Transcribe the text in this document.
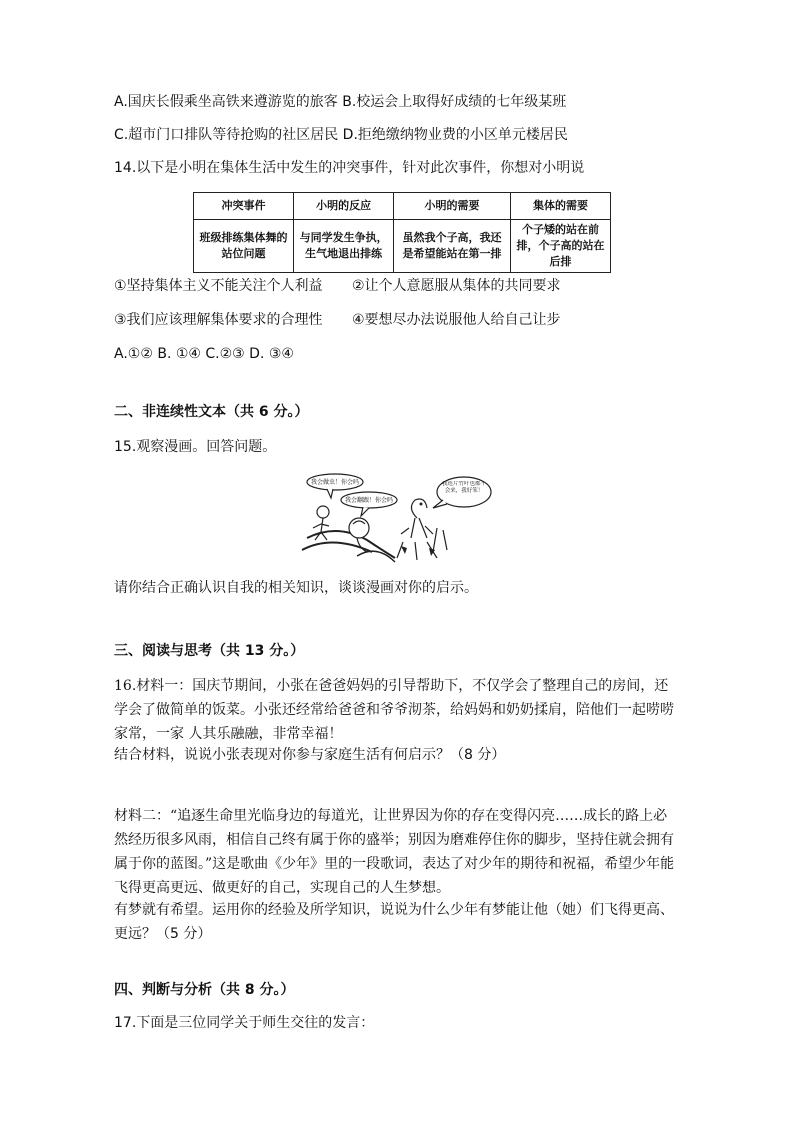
A.国庆长假乘坐高铁来遵游览的旅客 B.校运会上取得好成绩的七年级某班
C.超市门口排队等待抢购的社区居民 D.拒绝缴纳物业费的小区单元楼居民
14.以下是小明在集体生活中发生的冲突事件，针对此次事件，你想对小明说
冲突事件	小明的反应	小明的需要	集体的需要
班级排练集体舞的站位问题	与同学发生争执，生气地退出排练	虽然我个子高，我还是希望能站在第一排	个子矮的站在前排，个子高的站在后排
①坚持集体主义不能关注个人利益 ②让个人意愿服从集体的共同要求
③我们应该理解集体要求的合理性 ④要想尽办法说服他人给自己让步
A.①② B. ①④ C.②③ D. ③④
二、非连续性文本（共 6 分。）
15.观察漫画。回答问题。
我会做虫！你会吗
我会翻跟！你会吗
我连片竹叶也都不会来，我好笨！
请你结合正确认识自我的相关知识，谈谈漫画对你的启示。
三、阅读与思考（共 13 分。）
16.材料一：国庆节期间，小张在爸爸妈妈的引导帮助下，不仅学会了整理自己的房间，还学会了做简单的饭菜。小张还经常给爸爸和爷爷沏茶，给妈妈和奶奶揉肩，陪他们一起唠唠家常，一家 人其乐融融，非常幸福！
结合材料，说说小张表现对你参与家庭生活有何启示？（8 分）
材料二：“追逐生命里光临身边的每道光，让世界因为你的存在变得闪亮……成长的路上必然经历很多风雨，相信自己终有属于你的盛举；别因为磨难停住你的脚步，坚持住就会拥有属于你的蓝图。”这是歌曲《少年》里的一段歌词，表达了对少年的期待和祝福，希望少年能飞得更高更远、做更好的自己，实现自己的人生梦想。
有梦就有希望。运用你的经验及所学知识，说说为什么少年有梦能让他（她）们飞得更高、更远？（5 分）
四、判断与分析（共 8 分。）
17.下面是三位同学关于师生交往的发言：
